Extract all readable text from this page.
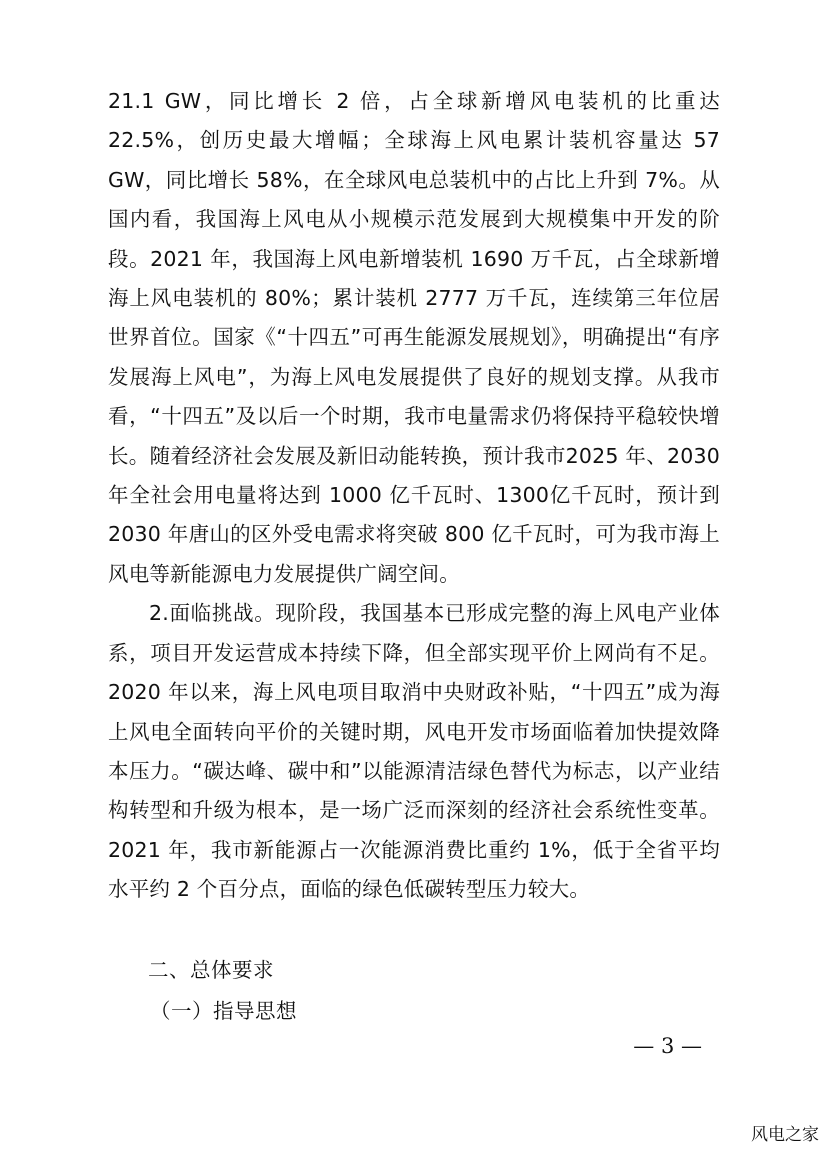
21.1 GW，同比增长 2 倍，占全球新增风电装机的比重达22.5%，创历史最大增幅；全球海上风电累计装机容量达 57 GW，同比增长 58%，在全球风电总装机中的占比上升到 7%。从国内看，我国海上风电从小规模示范发展到大规模集中开发的阶段。2021 年，我国海上风电新增装机 1690 万千瓦，占全球新增海上风电装机的 80%；累计装机 2777 万千瓦，连续第三年位居世界首位。国家《“十四五”可再生能源发展规划》，明确提出“有序发展海上风电”，为海上风电发展提供了良好的规划支撑。从我市看，“十四五”及以后一个时期，我市电量需求仍将保持平稳较快增长。随着经济社会发展及新旧动能转换，预计我市2025 年、2030 年全社会用电量将达到 1000 亿千瓦时、1300亿千瓦时，预计到 2030 年唐山的区外受电需求将突破 800 亿千瓦时，可为我市海上风电等新能源电力发展提供广阔空间。

2.面临挑战。现阶段，我国基本已形成完整的海上风电产业体系，项目开发运营成本持续下降，但全部实现平价上网尚有不足。2020 年以来，海上风电项目取消中央财政补贴，“十四五”成为海上风电全面转向平价的关键时期，风电开发市场面临着加快提效降本压力。“碳达峰、碳中和”以能源清洁绿色替代为标志，以产业结构转型和升级为根本，是一场广泛而深刻的经济社会系统性变革。2021 年，我市新能源占一次能源消费比重约 1%，低于全省平均水平约 2 个百分点，面临的绿色低碳转型压力较大。

二、总体要求
（一）指导思想
— 3 —
风电之家
